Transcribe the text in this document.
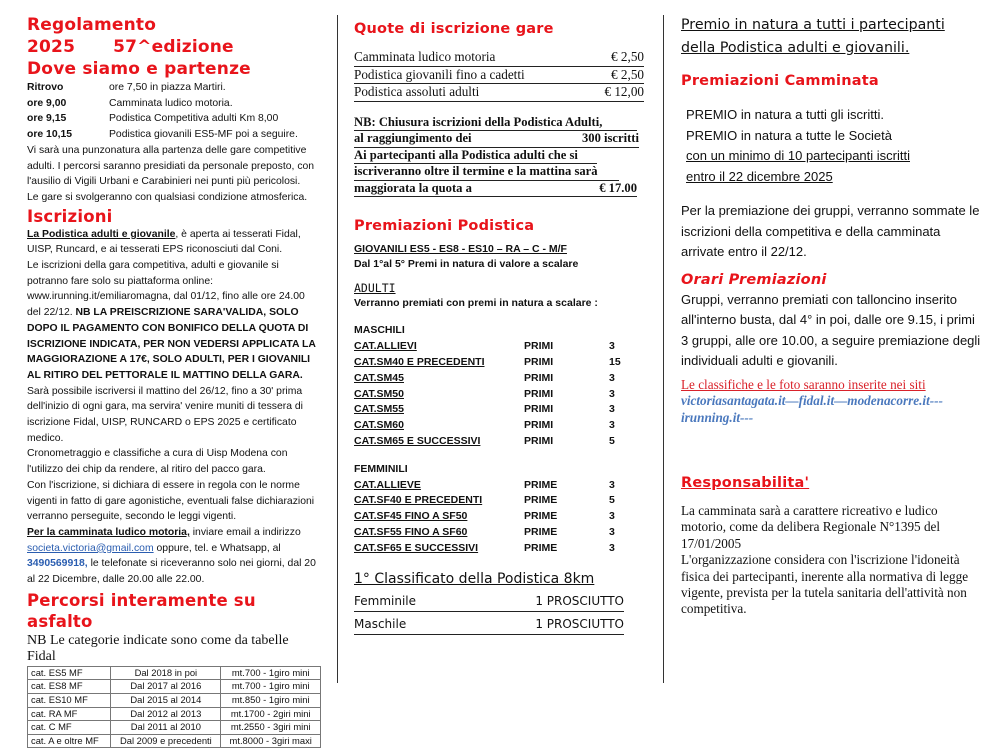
Regolamento 2025 57^edizione
Dove siamo e partenze
Ritrovo	ore 7,50 in piazza Martiri.
ore 9,00	Camminata ludico motoria.
ore 9,15	Podistica Competitiva adulti Km 8,00
ore 10,15	Podistica giovanili ES5-MF poi a seguire.
Vi sarà una punzonatura alla partenza delle gare competitive adulti. I percorsi saranno presidiati da personale preposto, con l'ausilio di Vigili Urbani e Carabinieri nei punti più pericolosi.
Le gare si svolgeranno con qualsiasi condizione atmosferica.
Iscrizioni
La Podistica adulti e giovanile, è aperta ai tesserati Fidal, UISP, Runcard, e ai tesserati EPS riconosciuti dal Coni.
Le iscrizioni della gara competitiva, adulti e giovanile si potranno fare solo su piattaforma online: www.irunning.it/emiliaromagna, dal 01/12, fino alle ore 24.00 del 22/12. NB LA PREISCRIZIONE SARA'VALIDA, SOLO DOPO IL PAGAMENTO CON BONIFICO DELLA QUOTA DI ISCRIZIONE INDICATA, PER NON VEDERSI APPLICATA LA MAGGIORAZIONE A 17€, SOLO ADULTI, PER I GIOVANILI AL RITIRO DEL PETTORALE IL MATTINO DELLA GARA.
Sarà possibile iscriversi il mattino del 26/12, fino a 30' prima dell'inizio di ogni gara, ma servira' venire muniti di tessera di iscrizione Fidal, UISP, RUNCARD o EPS 2025 e certificato medico.
Cronometraggio e classifiche a cura di Uisp Modena con l'utilizzo dei chip da rendere, al ritiro del pacco gara.
Con l'iscrizione, si dichiara di essere in regola con le norme vigenti in fatto di gare agonistiche, eventuali false dichiarazioni verranno perseguite, secondo le leggi vigenti.
Per la camminata ludico motoria, inviare email a indirizzo societa.victoria@gmail.com oppure, tel. e Whatsapp, al 3490569918, le telefonate si riceveranno solo nei giorni, dal 20 al 22 Dicembre, dalle 20.00 alle 22.00.
Percorsi interamente su asfalto
NB Le categorie indicate sono come da tabelle Fidal
cat. ES5 MF	Dal 2018 in poi	mt.700 - 1giro mini
cat. ES8 MF	Dal 2017 al 2016	mt.700 - 1giro mini
cat. ES10 MF	Dal 2015 al 2014	mt.850 - 1giro mini
cat. RA MF	Dal 2012 al 2013	mt.1700 - 2giri mini
cat. C MF	Dal 2011 al 2010	mt.2550 - 3giri mini
cat. A e oltre MF	Dal 2009 e precedenti	mt.8000 - 3giri maxi
Quote di iscrizione gare
Camminata ludico motoria	€ 2,50
Podistica giovanili fino a cadetti	€ 2,50
Podistica assoluti adulti	€ 12,00
NB: Chiusura iscrizioni della Podistica Adulti,
al raggiungimento dei	300 iscritti
Ai partecipanti alla Podistica adulti che si
iscriveranno oltre il termine e la mattina sarà
maggiorata la quota a	€ 17.00
Premiazioni Podistica
GIOVANILI ES5 - ES8 - ES10 – RA – C - M/F
Dal 1°al 5° Premi in natura di valore a scalare
ADULTI
Verranno premiati con premi in natura a scalare :
MASCHILI
CAT.ALLIEVI	PRIMI	3
CAT.SM40 E PRECEDENTI	PRIMI	15
CAT.SM45	PRIMI	3
CAT.SM50	PRIMI	3
CAT.SM55	PRIMI	3
CAT.SM60	PRIMI	3
CAT.SM65 E SUCCESSIVI	PRIMI	5
FEMMINILI
CAT.ALLIEVE	PRIME	3
CAT.SF40 E PRECEDENTI	PRIME	5
CAT.SF45 FINO A SF50	PRIME	3
CAT.SF55 FINO A SF60	PRIME	3
CAT.SF65 E SUCCESSIVI	PRIME	3
1° Classificato della Podistica 8km
Femminile	1 PROSCIUTTO
Maschile	1 PROSCIUTTO
Premio in natura a tutti i partecipanti
della Podistica adulti e giovanili.
Premiazioni Camminata
PREMIO in natura a tutti gli iscritti.
PREMIO in natura a tutte le Società
con un minimo di 10 partecipanti iscritti
entro il 22 dicembre 2025
Per la premiazione dei gruppi, verranno sommate le iscrizioni della competitiva e della camminata arrivate entro il 22/12.
Orari Premiazioni
Gruppi, verranno premiati con talloncino inserito all'interno busta, dal 4° in poi, dalle ore 9.15, i primi 3 gruppi, alle ore 10.00, a seguire premiazione degli individuali adulti e giovanili.
Le classifiche e le foto saranno inserite nei siti
victoriasantagata.it—fidal.it—modenacorre.it---irunning.it---
Responsabilita'
La camminata sarà a carattere ricreativo e ludico motorio, come da delibera Regionale N°1395 del 17/01/2005
L'organizzazione considera con l'iscrizione l'idoneità fisica dei partecipanti, inerente alla normativa di legge vigente, prevista per la tutela sanitaria dell'attività non competitiva.
